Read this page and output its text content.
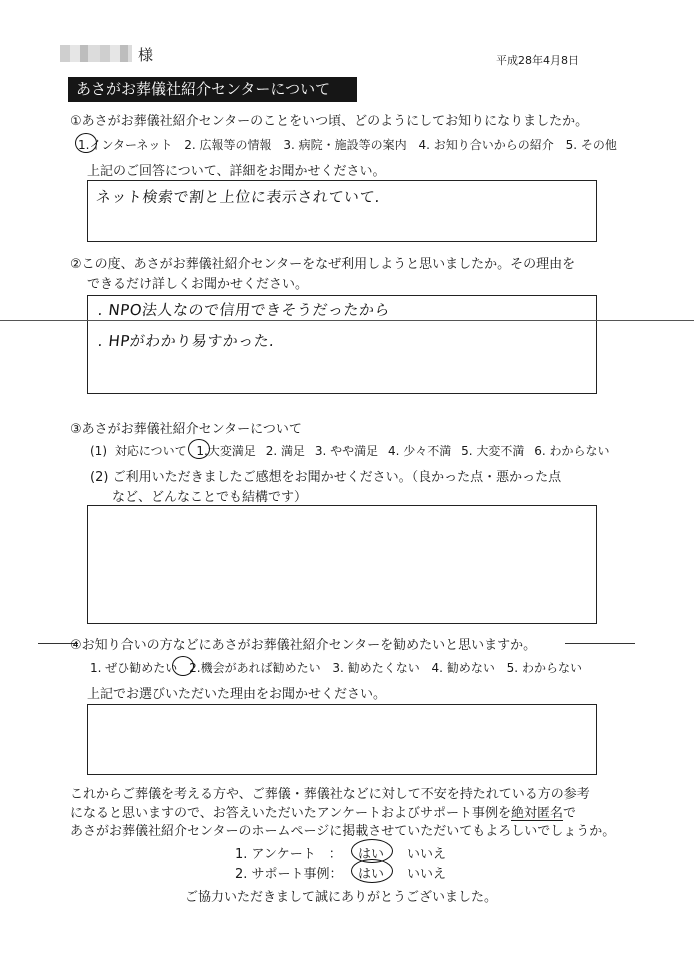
様	平成28年4月8日
あさがお葬儀社紹介センターについて
①あさがお葬儀社紹介センターのことをいつ頃、どのようにしてお知りになりましたか。
1.インターネット 2. 広報等の情報 3. 病院・施設等の案内 4. お知り合いからの紹介 5. その他
上記のご回答について、詳細をお聞かせください。
ネット検索で割と上位に表示されていて.
②この度、あさがお葬儀社紹介センターをなぜ利用しようと思いましたか。その理由を
できるだけ詳しくお聞かせください。
. NPO法人なので信用できそうだったから
. HPがわかり易すかった.
③あさがお葬儀社紹介センターについて
(1) 対応について 1.大変満足 2. 満足 3. やや満足 4. 少々不満 5. 大変不満 6. わからない
(2) ご利用いただきましたご感想をお聞かせください。（良かった点・悪かった点
など、どんなことでも結構です）
④お知り合いの方などにあさがお葬儀社紹介センターを勧めたいと思いますか。
1. ぜひ勧めたい 2.機会があれば勧めたい 3. 勧めたくない 4. 勧めない 5. わからない
上記でお選びいただいた理由をお聞かせください。
これからご葬儀を考える方や、ご葬儀・葬儀社などに対して不安を持たれている方の参考
になると思いますので、お答えいただいたアンケートおよびサポート事例を絶対匿名で
あさがお葬儀社紹介センターのホームページに掲載させていただいてもよろしいでしょうか。
1. アンケート　： はい いいえ
2. サポート事例： はい いいえ
ご協力いただきまして誠にありがとうございました。
